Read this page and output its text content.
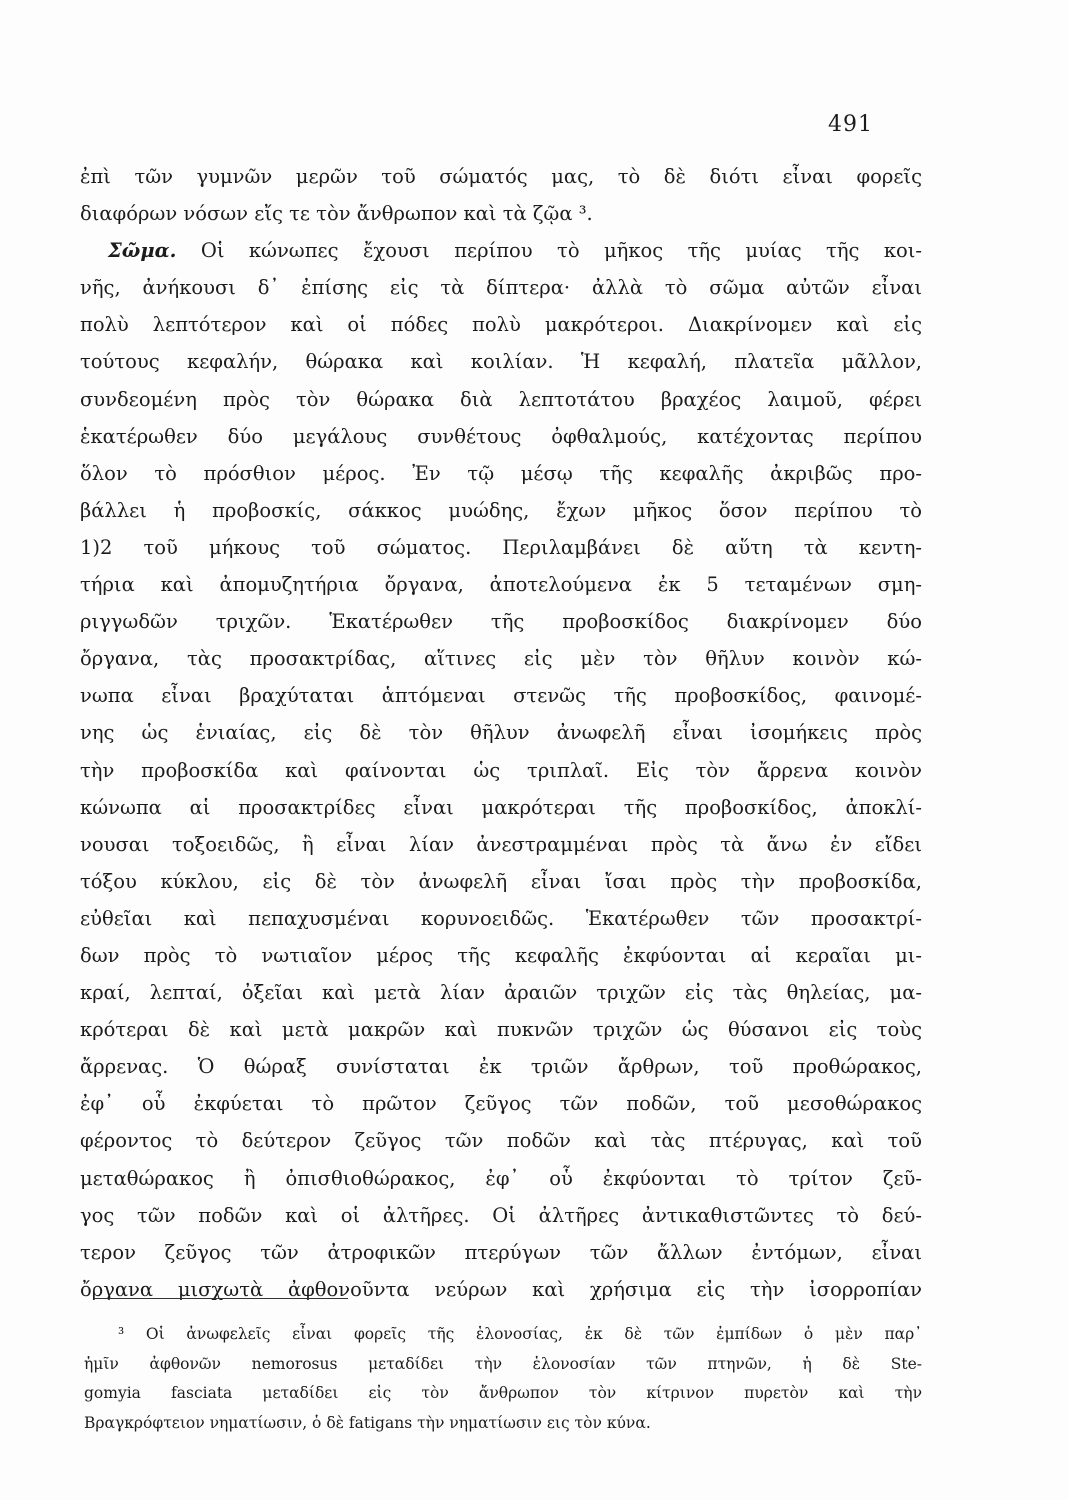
491
ἐπὶ τῶν γυμνῶν μερῶν τοῦ σώματός μας, τὸ δὲ διότι εἶναι φορεῖς
διαφόρων νόσων εἴς τε τὸν ἄνθρωπον καὶ τὰ ζῷα ³.
Σῶμα. Οἱ κώνωπες ἔχουσι περίπου τὸ μῆκος τῆς μυίας τῆς κοι-
νῆς, ἀνήκουσι δ᾽ ἐπίσης εἰς τὰ δίπτερα· ἀλλὰ τὸ σῶμα αὐτῶν εἶναι
πολὺ λεπτότερον καὶ οἱ πόδες πολὺ μακρότεροι. Διακρίνομεν καὶ εἰς
τούτους κεφαλήν, θώρακα καὶ κοιλίαν. Ἡ κεφαλή, πλατεῖα μᾶλλον,
συνδεομένη πρὸς τὸν θώρακα διὰ λεπτοτάτου βραχέος λαιμοῦ, φέρει
ἑκατέρωθεν δύο μεγάλους συνθέτους ὀφθαλμούς, κατέχοντας περίπου
ὅλον τὸ πρόσθιον μέρος. Ἐν τῷ μέσῳ τῆς κεφαλῆς ἀκριβῶς προ-
βάλλει ἡ προβοσκίς, σάκκος μυώδης, ἔχων μῆκος ὅσον περίπου τὸ
1)2 τοῦ μήκους τοῦ σώματος. Περιλαμβάνει δὲ αὕτη τὰ κεντη-
τήρια καὶ ἀπομυζητήρια ὄργανα, ἀποτελούμενα ἐκ 5 τεταμένων σμη-
ριγγωδῶν τριχῶν. Ἑκατέρωθεν τῆς προβοσκίδος διακρίνομεν δύο
ὄργανα, τὰς προσακτρίδας, αἵτινες εἰς μὲν τὸν θῆλυν κοινὸν κώ-
νωπα εἶναι βραχύταται ἁπτόμεναι στενῶς τῆς προβοσκίδος, φαινομέ-
νης ὡς ἑνιαίας, εἰς δὲ τὸν θῆλυν ἀνωφελῆ εἶναι ἰσομήκεις πρὸς
τὴν προβοσκίδα καὶ φαίνονται ὡς τριπλαῖ. Εἰς τὸν ἄρρενα κοινὸν
κώνωπα αἱ προσακτρίδες εἶναι μακρότεραι τῆς προβοσκίδος, ἀποκλί-
νουσαι τοξοειδῶς, ἢ εἶναι λίαν ἀνεστραμμέναι πρὸς τὰ ἄνω ἐν εἴδει
τόξου κύκλου, εἰς δὲ τὸν ἀνωφελῆ εἶναι ἴσαι πρὸς τὴν προβοσκίδα,
εὐθεῖαι καὶ πεπαχυσμέναι κορυνοειδῶς. Ἑκατέρωθεν τῶν προσακτρί-
δων πρὸς τὸ νωτιαῖον μέρος τῆς κεφαλῆς ἐκφύονται αἱ κεραῖαι μι-
κραί, λεπταί, ὀξεῖαι καὶ μετὰ λίαν ἀραιῶν τριχῶν εἰς τὰς θηλείας, μα-
κρότεραι δὲ καὶ μετὰ μακρῶν καὶ πυκνῶν τριχῶν ὡς θύσανοι εἰς τοὺς
ἄρρενας. Ὁ θώραξ συνίσταται ἐκ τριῶν ἄρθρων, τοῦ προθώρακος,
ἐφ᾽ οὗ ἐκφύεται τὸ πρῶτον ζεῦγος τῶν ποδῶν, τοῦ μεσοθώρακος
φέροντος τὸ δεύτερον ζεῦγος τῶν ποδῶν καὶ τὰς πτέρυγας, καὶ τοῦ
μεταθώρακος ἢ ὀπισθιοθώρακος, ἐφ᾽ οὗ ἐκφύονται τὸ τρίτον ζεῦ-
γος τῶν ποδῶν καὶ οἱ ἀλτῆρες. Οἱ ἀλτῆρες ἀντικαθιστῶντες τὸ δεύ-
τερον ζεῦγος τῶν ἀτροφικῶν πτερύγων τῶν ἄλλων ἐντόμων, εἶναι
ὄργανα μισχωτὰ ἀφθονοῦντα νεύρων καὶ χρήσιμα εἰς τὴν ἰσορροπίαν
³ Οἱ ἀνωφελεῖς εἶναι φορεῖς τῆς ἑλονοσίας, ἐκ δὲ τῶν ἐμπίδων ὁ μὲν παρ᾽
ἡμῖν ἀφθονῶν nemorosus μεταδίδει τὴν ἑλονοσίαν τῶν πτηνῶν, ἡ δὲ Ste-
gomyia fasciata μεταδίδει εἰς τὸν ἄνθρωπον τὸν κίτρινον πυρετὸν καὶ τὴν
Βραγκρόφτειον νηματίωσιν, ὁ δὲ fatigans τὴν νηματίωσιν εις τὸν κύνα.
